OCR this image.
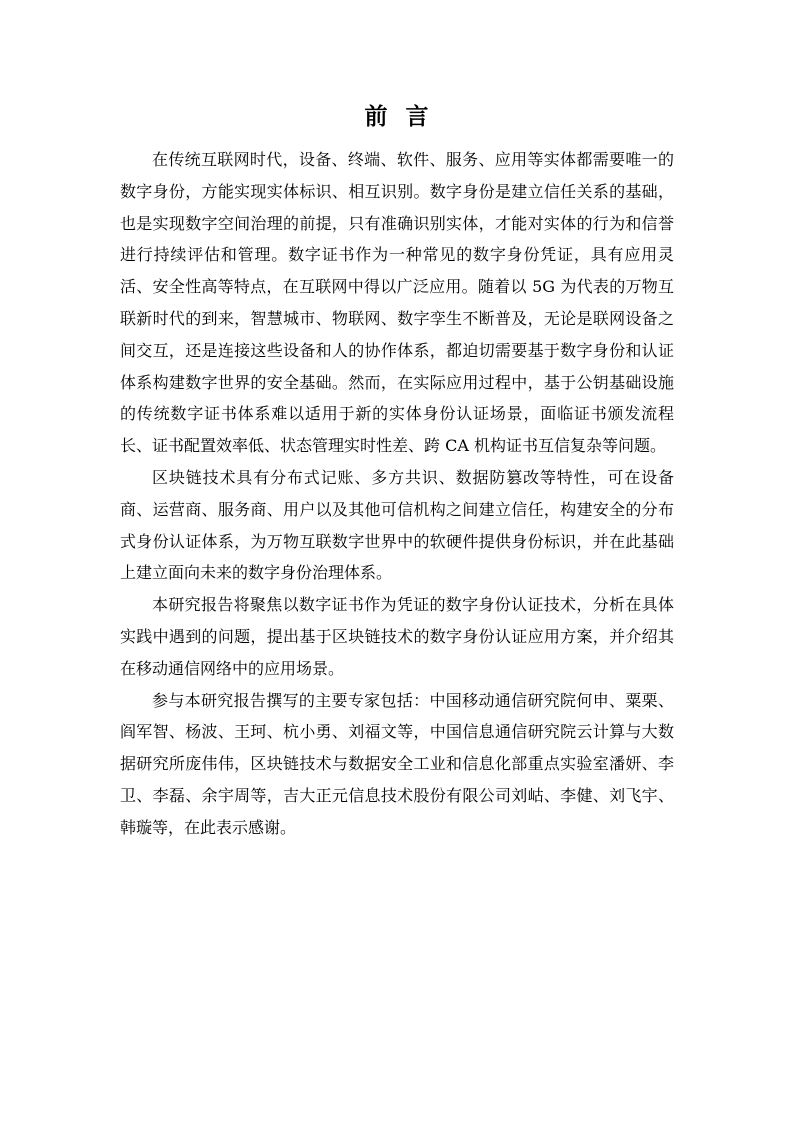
前言

在传统互联网时代，设备、终端、软件、服务、应用等实体都需要唯一的数字身份，方能实现实体标识、相互识别。数字身份是建立信任关系的基础，也是实现数字空间治理的前提，只有准确识别实体，才能对实体的行为和信誉进行持续评估和管理。数字证书作为一种常见的数字身份凭证，具有应用灵活、安全性高等特点，在互联网中得以广泛应用。随着以 5G 为代表的万物互联新时代的到来，智慧城市、物联网、数字孪生不断普及，无论是联网设备之间交互，还是连接这些设备和人的协作体系，都迫切需要基于数字身份和认证体系构建数字世界的安全基础。然而，在实际应用过程中，基于公钥基础设施的传统数字证书体系难以适用于新的实体身份认证场景，面临证书颁发流程长、证书配置效率低、状态管理实时性差、跨 CA 机构证书互信复杂等问题。

区块链技术具有分布式记账、多方共识、数据防篡改等特性，可在设备商、运营商、服务商、用户以及其他可信机构之间建立信任，构建安全的分布式身份认证体系，为万物互联数字世界中的软硬件提供身份标识，并在此基础上建立面向未来的数字身份治理体系。

本研究报告将聚焦以数字证书作为凭证的数字身份认证技术，分析在具体实践中遇到的问题，提出基于区块链技术的数字身份认证应用方案，并介绍其在移动通信网络中的应用场景。

参与本研究报告撰写的主要专家包括：中国移动通信研究院何申、粟栗、阎军智、杨波、王珂、杭小勇、刘福文等，中国信息通信研究院云计算与大数据研究所庞伟伟，区块链技术与数据安全工业和信息化部重点实验室潘妍、李卫、李磊、余宇周等，吉大正元信息技术股份有限公司刘岵、李健、刘飞宇、韩璇等，在此表示感谢。
